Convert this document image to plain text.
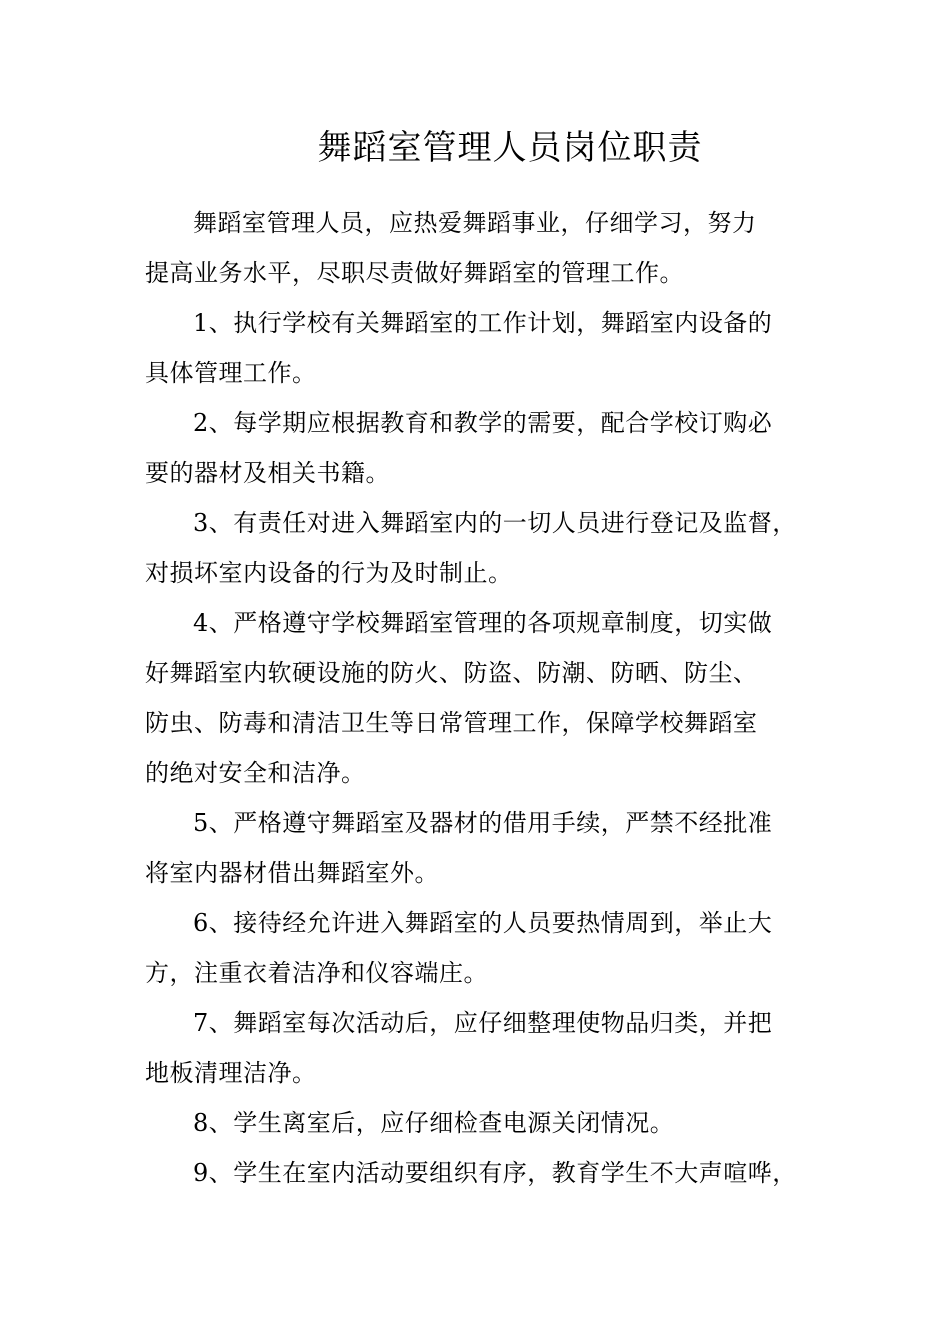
舞蹈室管理人员岗位职责

舞蹈室管理人员，应热爱舞蹈事业，仔细学习，努力
提高业务水平，尽职尽责做好舞蹈室的管理工作。

1、执行学校有关舞蹈室的工作计划，舞蹈室内设备的
具体管理工作。

2、每学期应根据教育和教学的需要，配合学校订购必
要的器材及相关书籍。

3、有责任对进入舞蹈室内的一切人员进行登记及监督，
对损坏室内设备的行为及时制止。

4、严格遵守学校舞蹈室管理的各项规章制度，切实做
好舞蹈室内软硬设施的防火、防盗、防潮、防晒、防尘、
防虫、防毒和清洁卫生等日常管理工作，保障学校舞蹈室
的绝对安全和洁净。

5、严格遵守舞蹈室及器材的借用手续，严禁不经批准
将室内器材借出舞蹈室外。

6、接待经允许进入舞蹈室的人员要热情周到，举止大
方，注重衣着洁净和仪容端庄。

7、舞蹈室每次活动后，应仔细整理使物品归类，并把
地板清理洁净。

8、学生离室后，应仔细检查电源关闭情况。

9、学生在室内活动要组织有序，教育学生不大声喧哗，
